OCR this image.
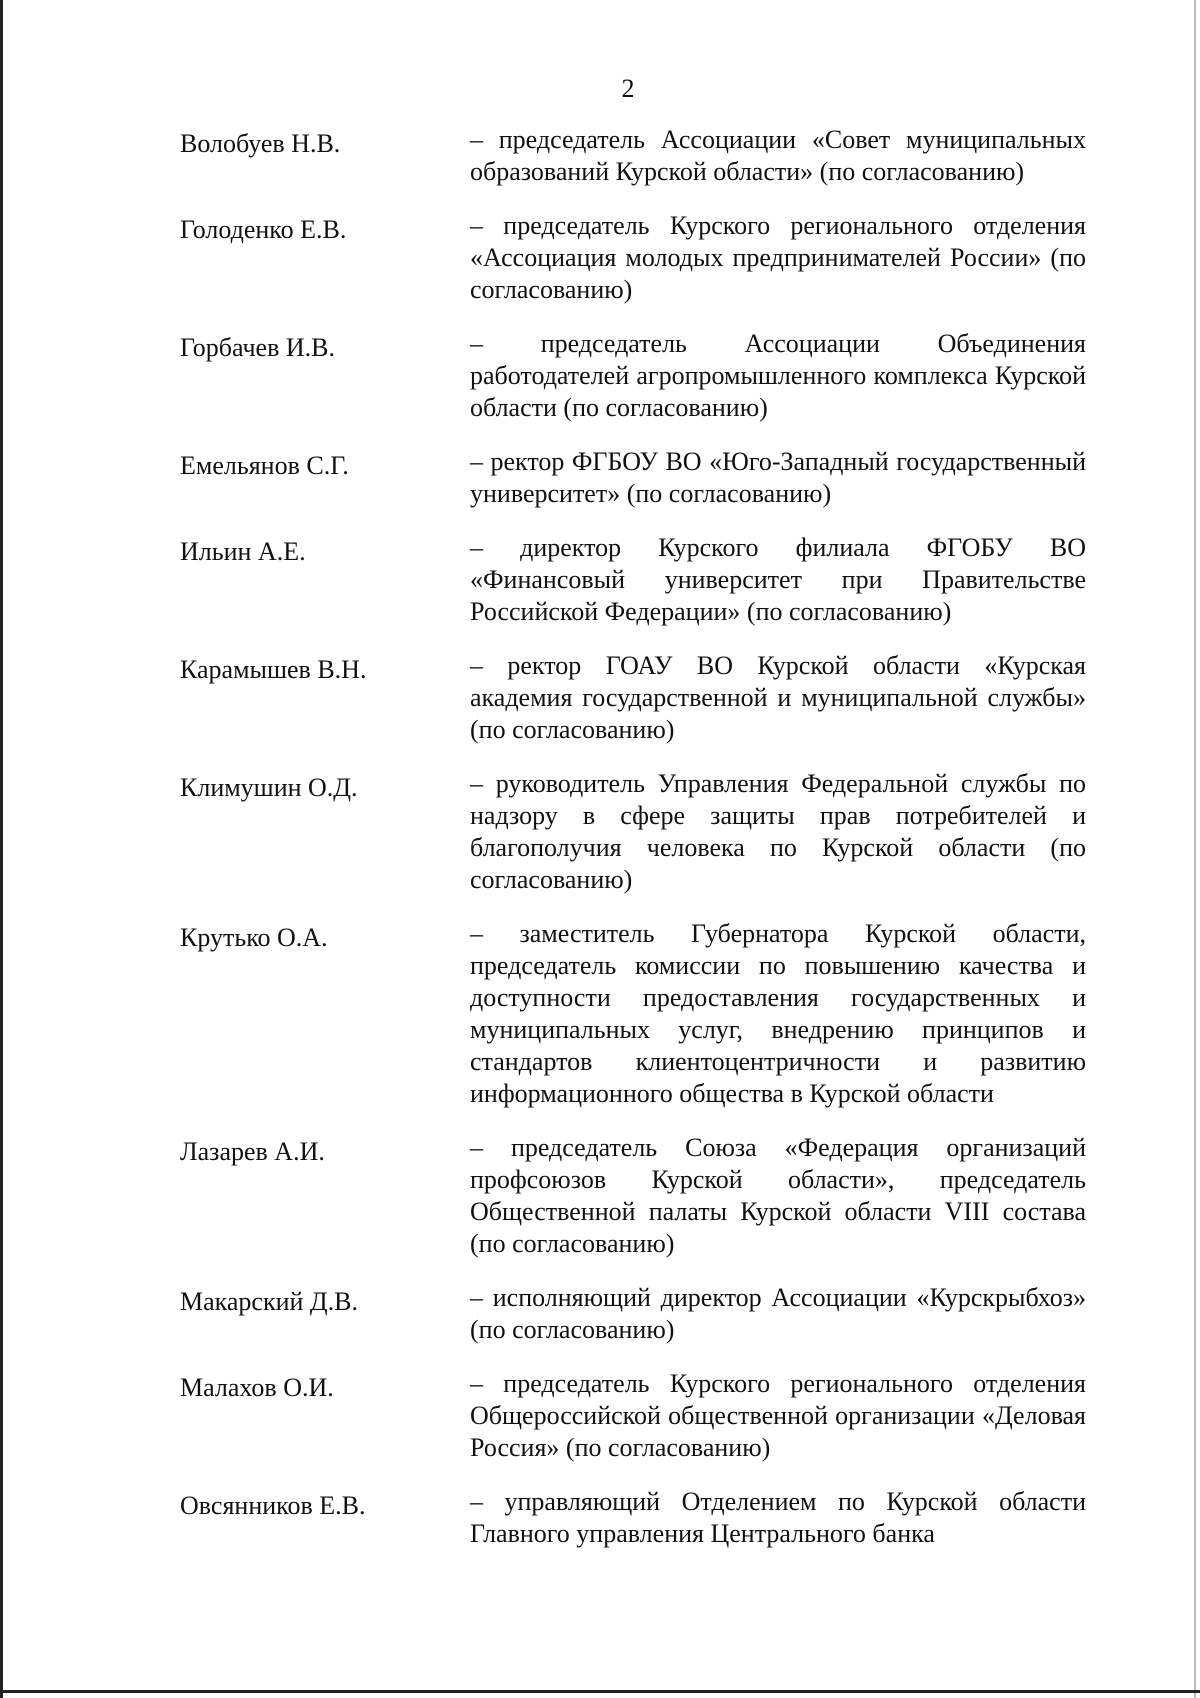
2
Волобуев Н.В.	– председатель Ассоциации «Совет муниципальных образований Курской области» (по согласованию)
Голоденко Е.В.	– председатель Курского регионального отделения «Ассоциация молодых предпринимателей России» (по согласованию)
Горбачев И.В.	– председатель Ассоциации Объединения работодателей агропромышленного комплекса Курской области (по согласованию)
Емельянов С.Г.	– ректор ФГБОУ ВО «Юго-Западный государственный университет» (по согласованию)
Ильин А.Е.	– директор Курского филиала ФГОБУ ВО «Финансовый университет при Правительстве Российской Федерации» (по согласованию)
Карамышев В.Н.	– ректор ГОАУ ВО Курской области «Курская академия государственной и муниципальной службы» (по согласованию)
Климушин О.Д.	– руководитель Управления Федеральной службы по надзору в сфере защиты прав потребителей и благополучия человека по Курской области (по согласованию)
Крутько О.А.	– заместитель Губернатора Курской области, председатель комиссии по повышению качества и доступности предоставления государственных и муниципальных услуг, внедрению принципов и стандартов клиентоцентричности и развитию информационного общества в Курской области
Лазарев А.И.	– председатель Союза «Федерация организаций профсоюзов Курской области», председатель Общественной палаты Курской области VIII состава (по согласованию)
Макарский Д.В.	– исполняющий директор Ассоциации «Курскрыбхоз» (по согласованию)
Малахов О.И.	– председатель Курского регионального отделения Общероссийской общественной организации «Деловая Россия» (по согласованию)
Овсянников Е.В.	– управляющий Отделением по Курской области Главного управления Центрального банка
